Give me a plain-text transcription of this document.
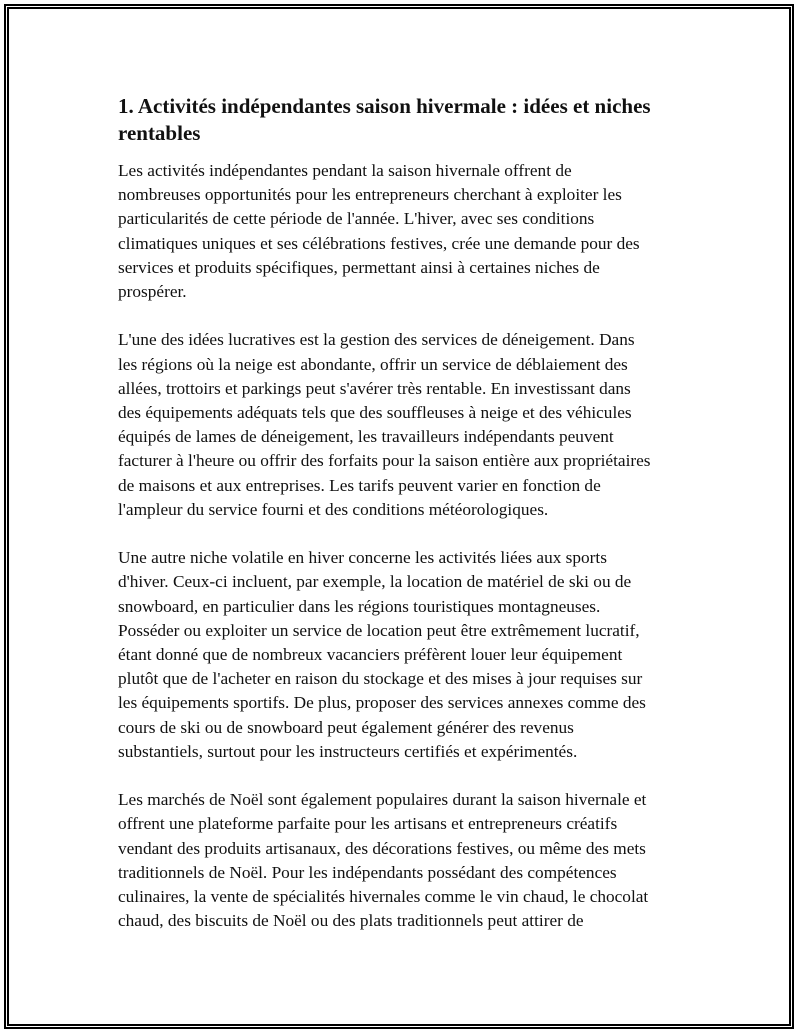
1. Activités indépendantes saison hivermale : idées et niches
rentables

Les activités indépendantes pendant la saison hivernale offrent de
nombreuses opportunités pour les entrepreneurs cherchant à exploiter les
particularités de cette période de l'année. L'hiver, avec ses conditions
climatiques uniques et ses célébrations festives, crée une demande pour des
services et produits spécifiques, permettant ainsi à certaines niches de
prospérer.

L'une des idées lucratives est la gestion des services de déneigement. Dans
les régions où la neige est abondante, offrir un service de déblaiement des
allées, trottoirs et parkings peut s'avérer très rentable. En investissant dans
des équipements adéquats tels que des souffleuses à neige et des véhicules
équipés de lames de déneigement, les travailleurs indépendants peuvent
facturer à l'heure ou offrir des forfaits pour la saison entière aux propriétaires
de maisons et aux entreprises. Les tarifs peuvent varier en fonction de
l'ampleur du service fourni et des conditions météorologiques.

Une autre niche volatile en hiver concerne les activités liées aux sports
d'hiver. Ceux-ci incluent, par exemple, la location de matériel de ski ou de
snowboard, en particulier dans les régions touristiques montagneuses.
Posséder ou exploiter un service de location peut être extrêmement lucratif,
étant donné que de nombreux vacanciers préfèrent louer leur équipement
plutôt que de l'acheter en raison du stockage et des mises à jour requises sur
les équipements sportifs. De plus, proposer des services annexes comme des
cours de ski ou de snowboard peut également générer des revenus
substantiels, surtout pour les instructeurs certifiés et expérimentés.

Les marchés de Noël sont également populaires durant la saison hivernale et
offrent une plateforme parfaite pour les artisans et entrepreneurs créatifs
vendant des produits artisanaux, des décorations festives, ou même des mets
traditionnels de Noël. Pour les indépendants possédant des compétences
culinaires, la vente de spécialités hivernales comme le vin chaud, le chocolat
chaud, des biscuits de Noël ou des plats traditionnels peut attirer de
